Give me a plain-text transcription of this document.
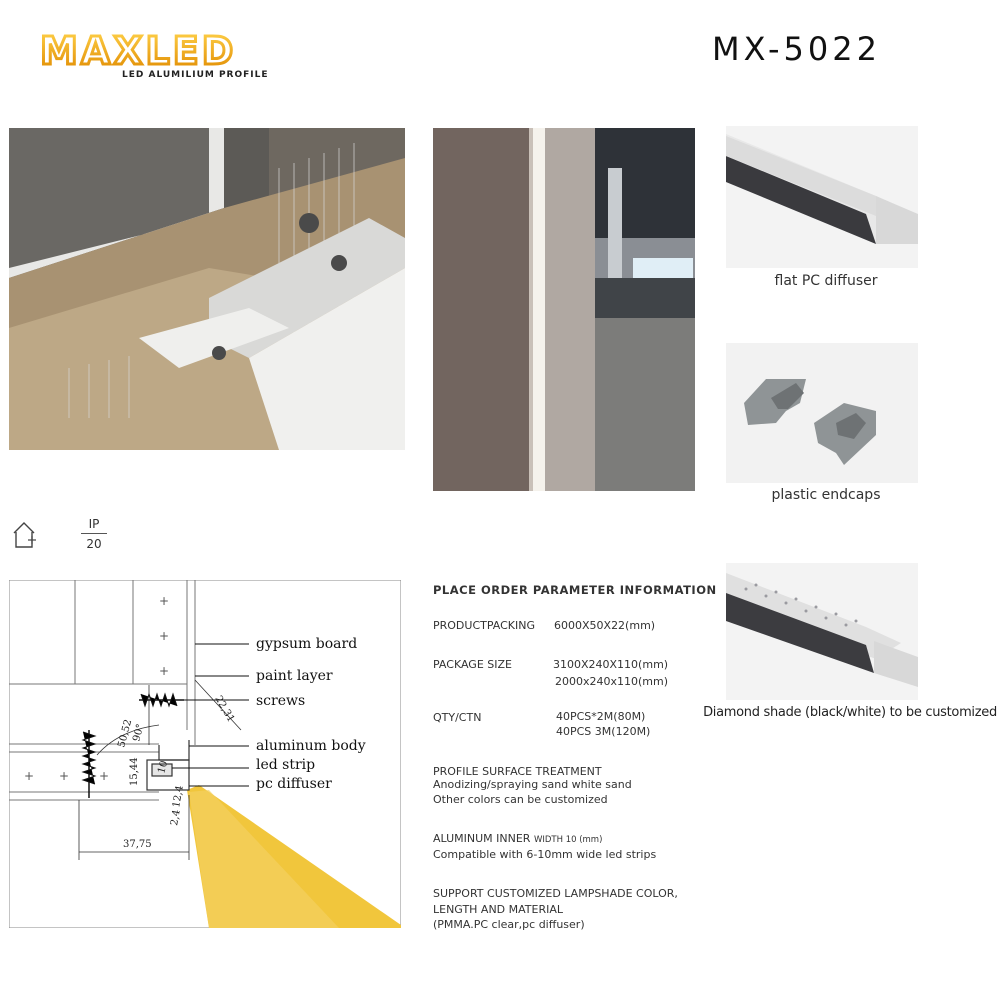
MAXLED
LED ALUMILIUM PROFILE
MX-5022
flat PC diffuser
plastic endcaps
Diamond shade (black/white) to be customized
IP
20
+
+
+
+ + +
22,31
50,52
90°
15,44 10
12,4
2,4
37,75
gypsum board
paint layer
screws
aluminum body
led strip
pc diffuser
PLACE ORDER PARAMETER INFORMATION
PRODUCTPACKING 6000X50X22(mm)
PACKAGE SIZE	3100X240X110(mm)
2000x240x110(mm)
QTY/CTN	40PCS*2M(80M)
40PCS 3M(120M)
PROFILE SURFACE TREATMENT
Anodizing/spraying sand white sand
Other colors can be customized
ALUMINUM INNER WIDTH 10 (mm)
Compatible with 6-10mm wide led strips
SUPPORT CUSTOMIZED LAMPSHADE COLOR,
LENGTH AND MATERIAL
(PMMA.PC clear,pc diffuser)
